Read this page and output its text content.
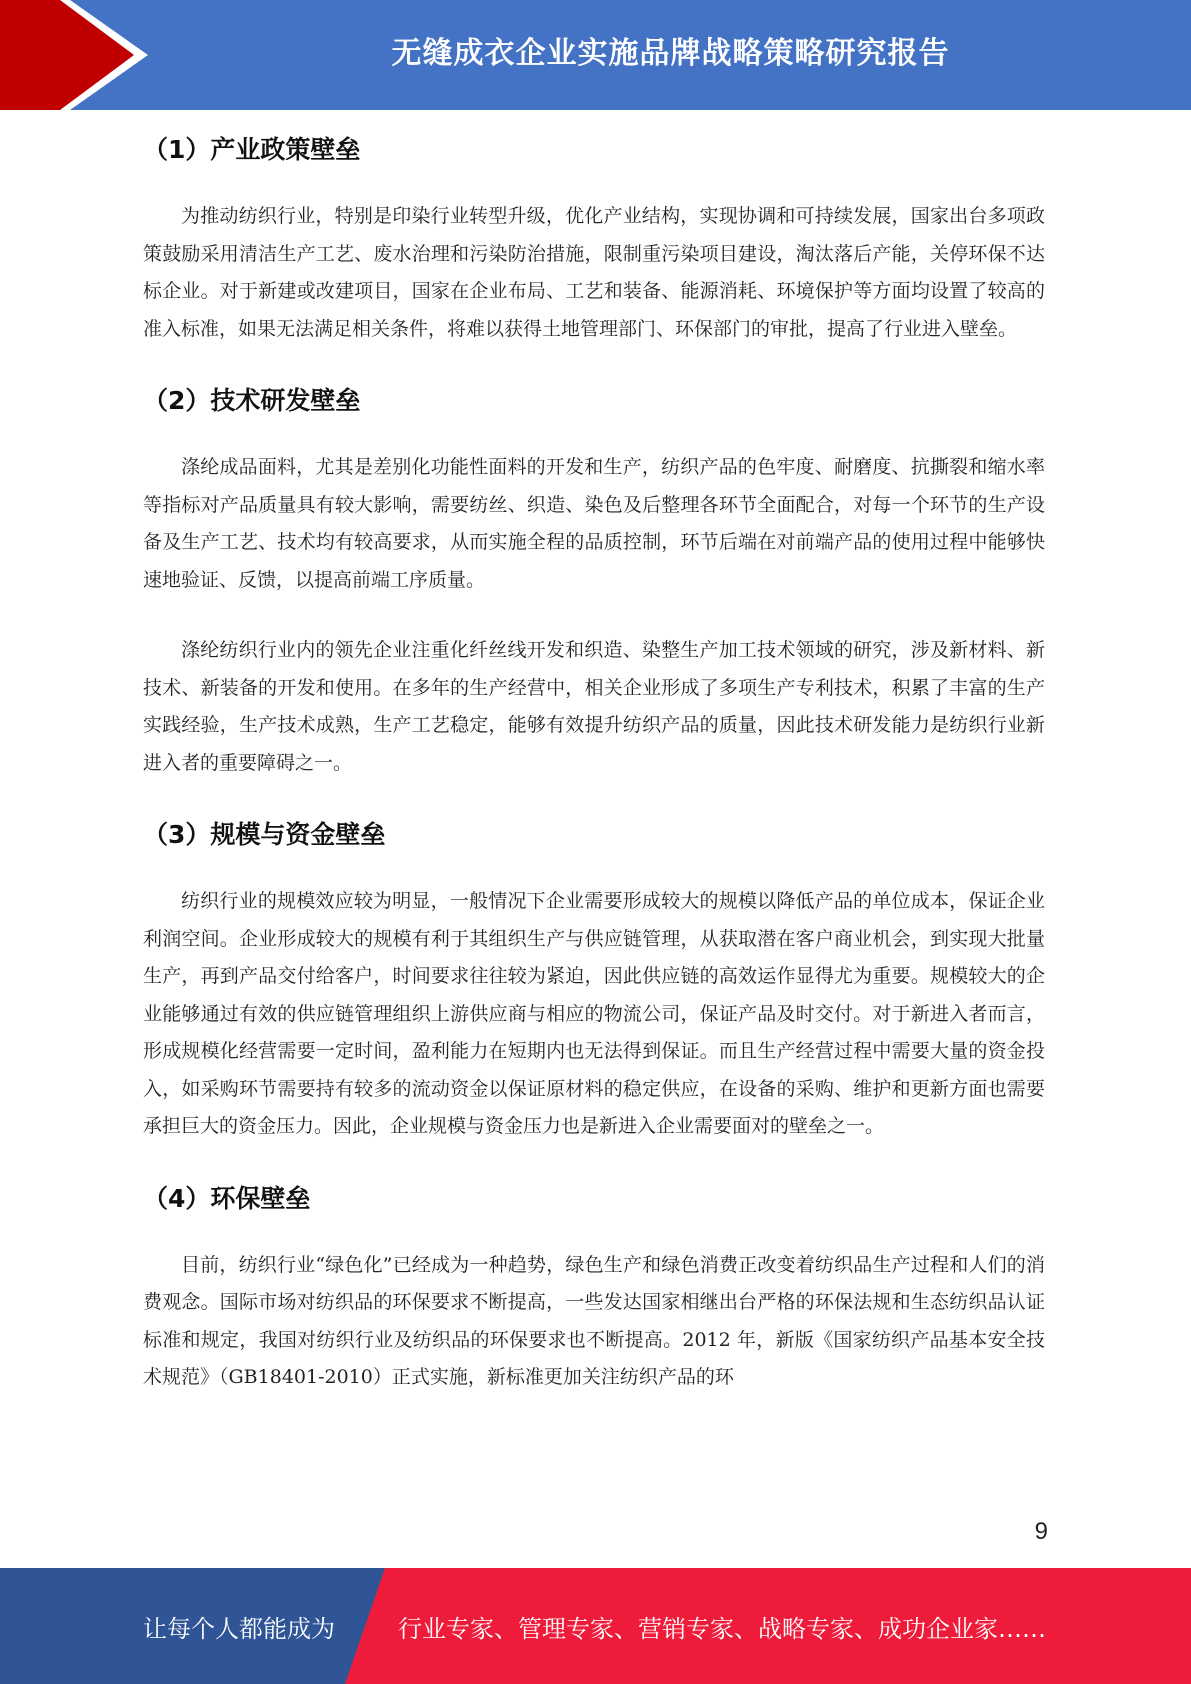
无缝成衣企业实施品牌战略策略研究报告
（1）产业政策壁垒

为推动纺织行业，特别是印染行业转型升级，优化产业结构，实现协调和可持续发展，国家出台多项政策鼓励采用清洁生产工艺、废水治理和污染防治措施，限制重污染项目建设，淘汰落后产能，关停环保不达标企业。对于新建或改建项目，国家在企业布局、工艺和装备、能源消耗、环境保护等方面均设置了较高的准入标准，如果无法满足相关条件，将难以获得土地管理部门、环保部门的审批，提高了行业进入壁垒。

（2）技术研发壁垒

涤纶成品面料，尤其是差别化功能性面料的开发和生产，纺织产品的色牢度、耐磨度、抗撕裂和缩水率等指标对产品质量具有较大影响，需要纺丝、织造、染色及后整理各环节全面配合，对每一个环节的生产设备及生产工艺、技术均有较高要求，从而实施全程的品质控制，环节后端在对前端产品的使用过程中能够快速地验证、反馈，以提高前端工序质量。

涤纶纺织行业内的领先企业注重化纤丝线开发和织造、染整生产加工技术领域的研究，涉及新材料、新技术、新装备的开发和使用。在多年的生产经营中，相关企业形成了多项生产专利技术，积累了丰富的生产实践经验，生产技术成熟，生产工艺稳定，能够有效提升纺织产品的质量，因此技术研发能力是纺织行业新进入者的重要障碍之一。

（3）规模与资金壁垒

纺织行业的规模效应较为明显，一般情况下企业需要形成较大的规模以降低产品的单位成本，保证企业利润空间。企业形成较大的规模有利于其组织生产与供应链管理，从获取潜在客户商业机会，到实现大批量生产，再到产品交付给客户，时间要求往往较为紧迫，因此供应链的高效运作显得尤为重要。规模较大的企业能够通过有效的供应链管理组织上游供应商与相应的物流公司，保证产品及时交付。对于新进入者而言，形成规模化经营需要一定时间，盈利能力在短期内也无法得到保证。而且生产经营过程中需要大量的资金投入，如采购环节需要持有较多的流动资金以保证原材料的稳定供应，在设备的采购、维护和更新方面也需要承担巨大的资金压力。因此，企业规模与资金压力也是新进入企业需要面对的壁垒之一。

（4）环保壁垒

目前，纺织行业“绿色化”已经成为一种趋势，绿色生产和绿色消费正改变着纺织品生产过程和人们的消费观念。国际市场对纺织品的环保要求不断提高，一些发达国家相继出台严格的环保法规和生态纺织品认证标准和规定，我国对纺织行业及纺织品的环保要求也不断提高。2012 年，新版《国家纺织产品基本安全技术规范》（GB18401-2010）正式实施，新标准更加关注纺织产品的环

9
让每个人都能成为	行业专家、管理专家、营销专家、战略专家、成功企业家……
